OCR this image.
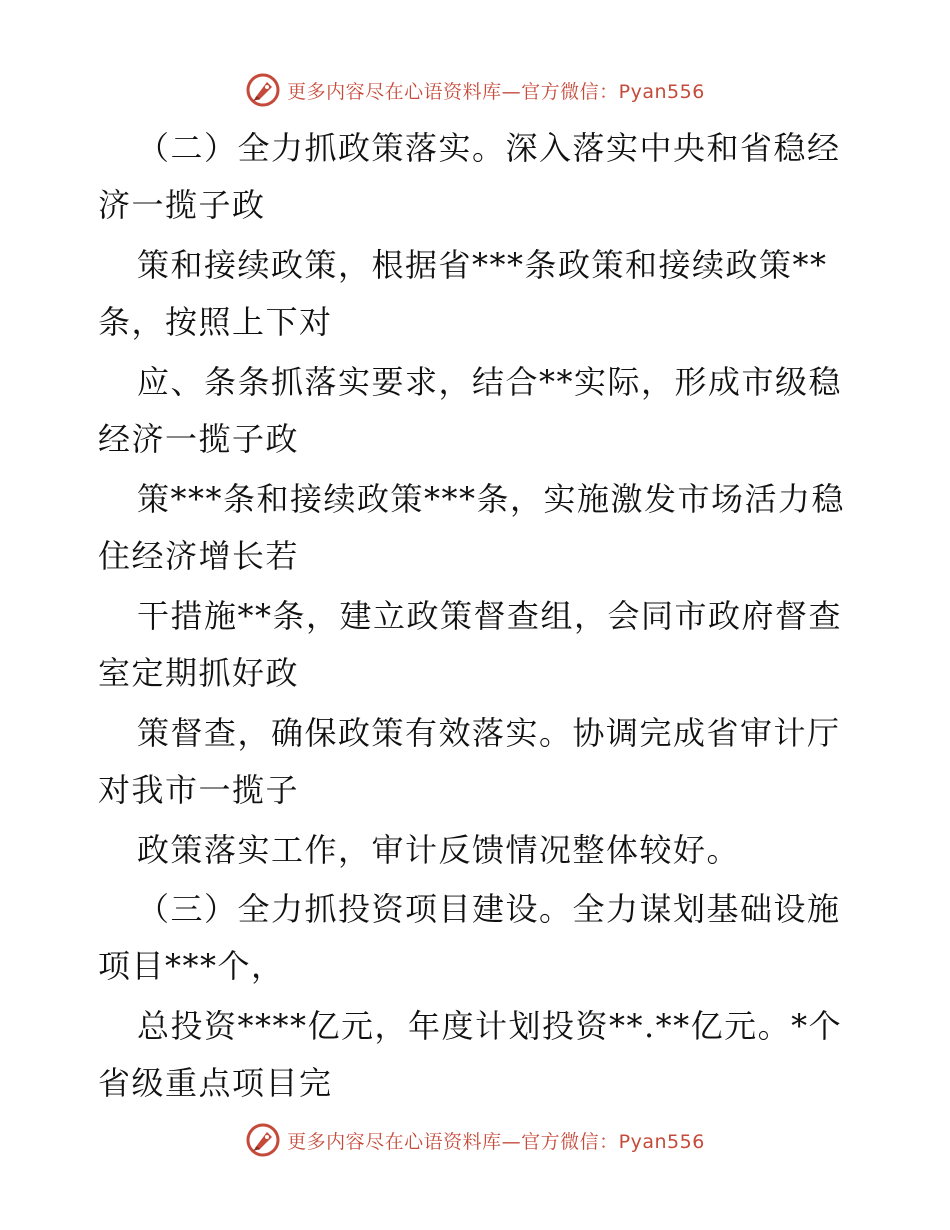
更多内容尽在心语资料库—官方微信：Pyan556
（二）全力抓政策落实。深入落实中央和省稳经
济一揽子政
策和接续政策，根据省***条政策和接续政策**
条，按照上下对
应、条条抓落实要求，结合**实际，形成市级稳
经济一揽子政
策***条和接续政策***条，实施激发市场活力稳
住经济增长若
干措施**条，建立政策督查组，会同市政府督查
室定期抓好政
策督查，确保政策有效落实。协调完成省审计厅
对我市一揽子
政策落实工作，审计反馈情况整体较好。
（三）全力抓投资项目建设。全力谋划基础设施
项目***个，
总投资****亿元，年度计划投资**.**亿元。*个
省级重点项目完
更多内容尽在心语资料库—官方微信：Pyan556
